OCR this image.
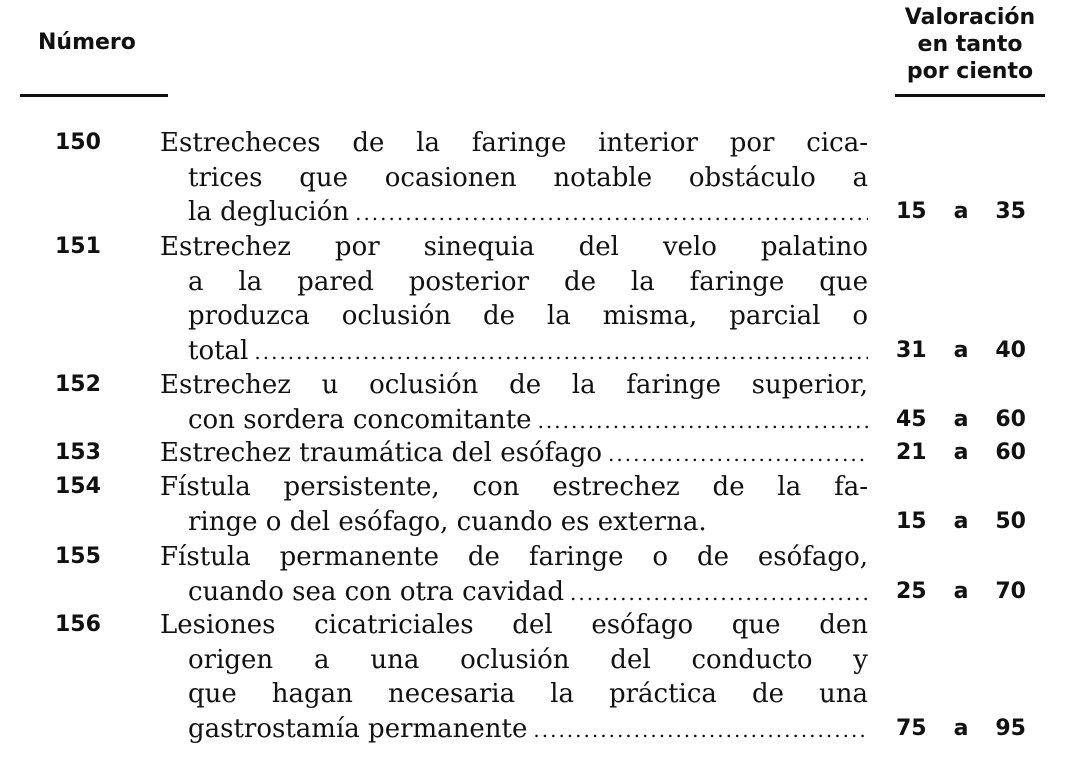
Número
Valoración
en tanto
por ciento
150 Estrecheces de la faringe interior por cica-
trices que ocasionen notable obstáculo a
la deglución .....	15 a 35
151 Estrechez por sinequia del velo palatino
a la pared posterior de la faringe que
produzca oclusión de la misma, parcial o
total .....	31 a 40
152 Estrechez u oclusión de la faringe superior,
con sordera concomitante .....	45 a 60
153 Estrechez traumática del esófago .....	21 a 60
154 Fístula persistente, con estrechez de la fa-
ringe o del esófago, cuando es externa.	15 a 50
155 Fístula permanente de faringe o de esófago,
cuando sea con otra cavidad .....	25 a 70
156 Lesiones cicatriciales del esófago que den
origen a una oclusión del conducto y
que hagan necesaria la práctica de una
gastrostamía permanente .....	75 a 95
